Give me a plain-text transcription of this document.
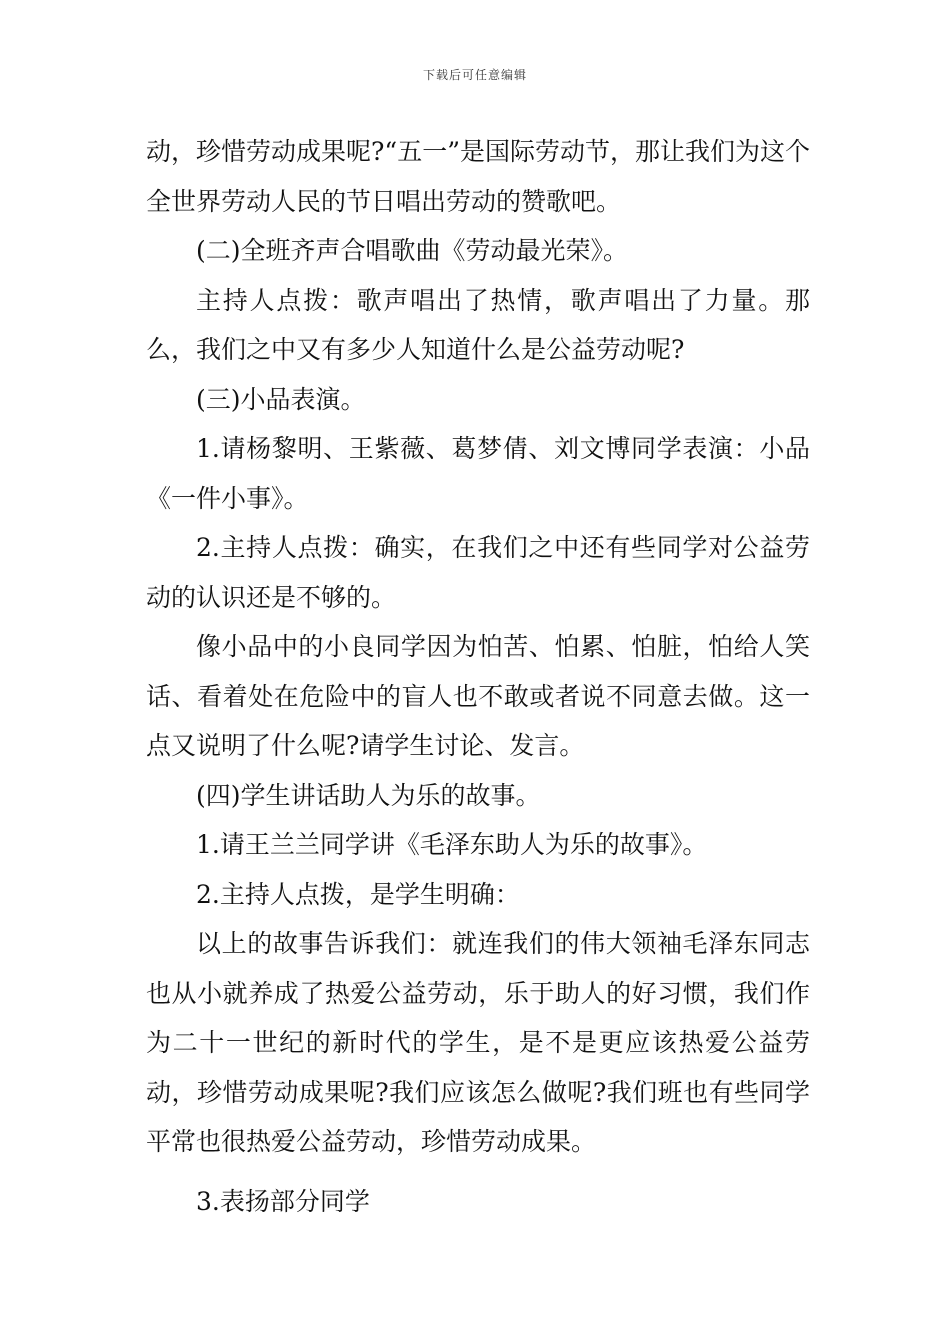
下载后可任意编辑

动，珍惜劳动成果呢?“五一”是国际劳动节，那让我们为这个全世界劳动人民的节日唱出劳动的赞歌吧。

(二)全班齐声合唱歌曲《劳动最光荣》。

主持人点拨：歌声唱出了热情，歌声唱出了力量。那么，我们之中又有多少人知道什么是公益劳动呢?

(三)小品表演。

1.请杨黎明、王紫薇、葛梦倩、刘文博同学表演：小品《一件小事》。

2.主持人点拨：确实，在我们之中还有些同学对公益劳动的认识还是不够的。

像小品中的小良同学因为怕苦、怕累、怕脏，怕给人笑话、看着处在危险中的盲人也不敢或者说不同意去做。这一点又说明了什么呢?请学生讨论、发言。

(四)学生讲话助人为乐的故事。

1.请王兰兰同学讲《毛泽东助人为乐的故事》。

2.主持人点拨，是学生明确：

以上的故事告诉我们：就连我们的伟大领袖毛泽东同志也从小就养成了热爱公益劳动，乐于助人的好习惯，我们作为二十一世纪的新时代的学生，是不是更应该热爱公益劳动，珍惜劳动成果呢?我们应该怎么做呢?我们班也有些同学平常也很热爱公益劳动，珍惜劳动成果。

3.表扬部分同学
